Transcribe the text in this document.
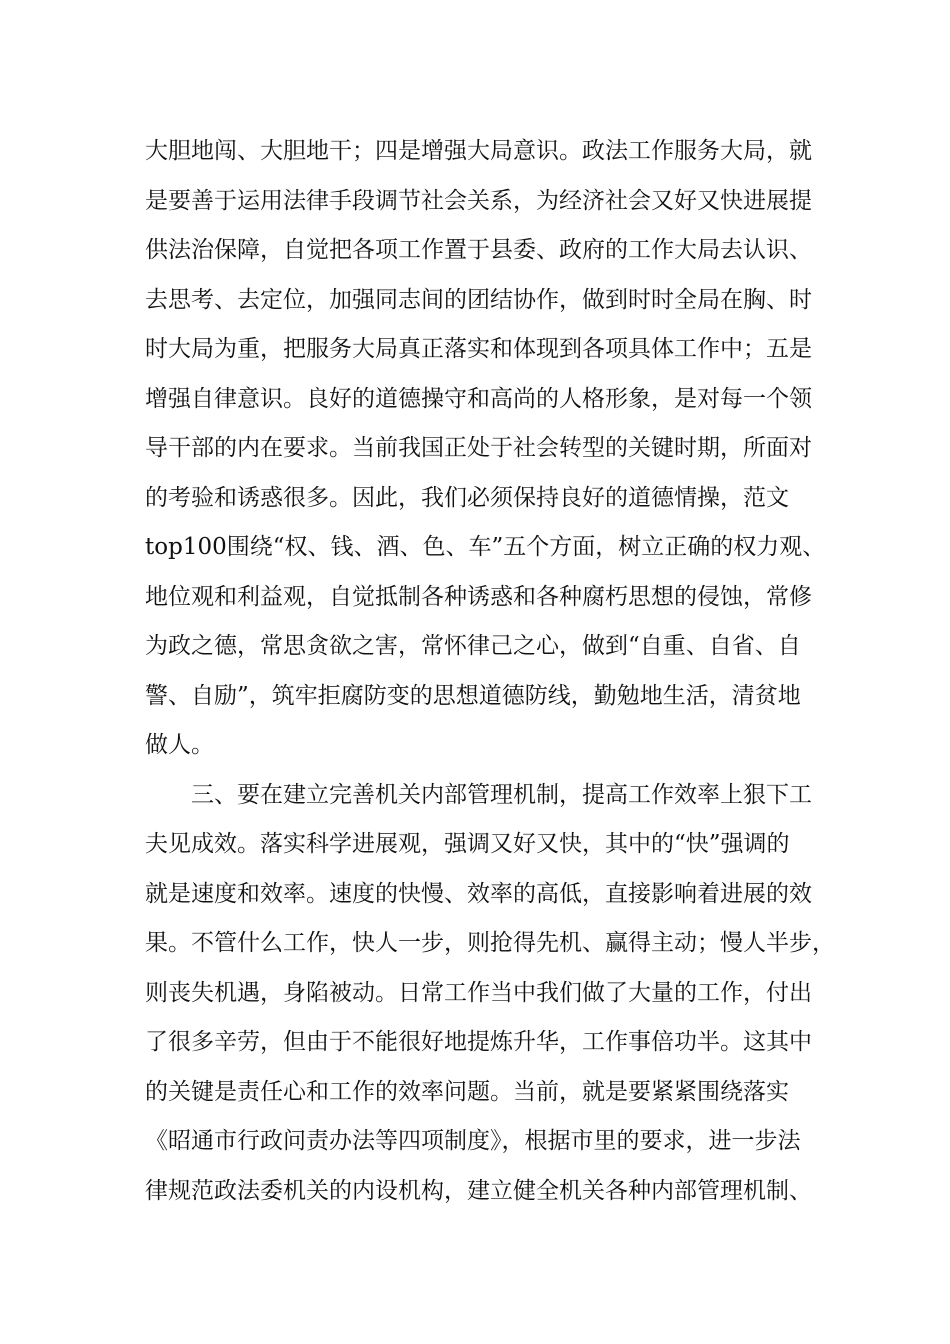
大胆地闯、大胆地干；四是增强大局意识。政法工作服务大局，就
是要善于运用法律手段调节社会关系，为经济社会又好又快进展提
供法治保障，自觉把各项工作置于县委、政府的工作大局去认识、
去思考、去定位，加强同志间的团结协作，做到时时全局在胸、时
时大局为重，把服务大局真正落实和体现到各项具体工作中；五是
增强自律意识。良好的道德操守和高尚的人格形象，是对每一个领
导干部的内在要求。当前我国正处于社会转型的关键时期，所面对
的考验和诱惑很多。因此，我们必须保持良好的道德情操，范文
top100围绕“权、钱、酒、色、车”五个方面，树立正确的权力观、
地位观和利益观，自觉抵制各种诱惑和各种腐朽思想的侵蚀，常修
为政之德，常思贪欲之害，常怀律己之心，做到“自重、自省、自
警、自励”，筑牢拒腐防变的思想道德防线，勤勉地生活，清贫地
做人。
三、要在建立完善机关内部管理机制，提高工作效率上狠下工
夫见成效。落实科学进展观，强调又好又快，其中的“快”强调的
就是速度和效率。速度的快慢、效率的高低，直接影响着进展的效
果。不管什么工作，快人一步，则抢得先机、赢得主动；慢人半步，
则丧失机遇，身陷被动。日常工作当中我们做了大量的工作，付出
了很多辛劳，但由于不能很好地提炼升华，工作事倍功半。这其中
的关键是责任心和工作的效率问题。当前，就是要紧紧围绕落实
《昭通市行政问责办法等四项制度》，根据市里的要求，进一步法
律规范政法委机关的内设机构，建立健全机关各种内部管理机制、
